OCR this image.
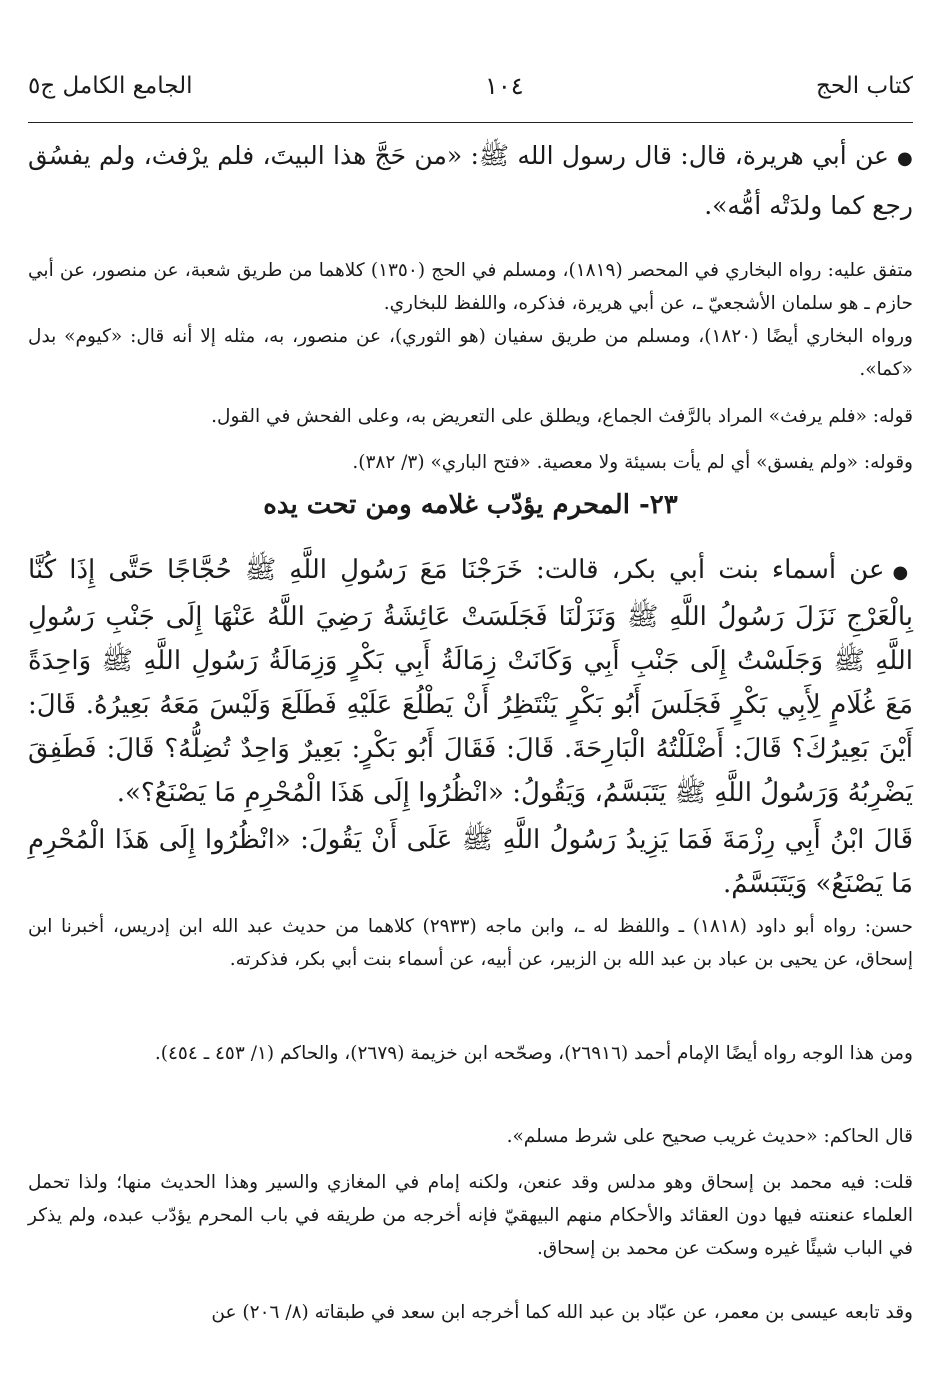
كتاب الحج
١٠٤
الجامع الكامل ج٥

●عن أبي هريرة، قال: قال رسول الله ﷺ: «من حَجَّ هذا البيتَ، فلم يرْفث، ولم يفسُق رجع كما ولدَتْه أمُّه».

متفق عليه: رواه البخاري في المحصر (١٨١٩)، ومسلم في الحج (١٣٥٠) كلاهما من طريق شعبة، عن منصور، عن أبي حازم ـ هو سلمان الأشجعيّ ـ، عن أبي هريرة، فذكره، واللفظ للبخاري.

ورواه البخاري أيضًا (١٨٢٠)، ومسلم من طريق سفيان (هو الثوري)، عن منصور، به، مثله إلا أنه قال: «كيوم» بدل «كما».

قوله: «فلم يرفث» المراد بالرَّفث الجماع، ويطلق على التعريض به، وعلى الفحش في القول.

وقوله: «ولم يفسق» أي لم يأت بسيئة ولا معصية. «فتح الباري» (٣/ ٣٨٢).

٢٣- المحرم يؤدّب غلامه ومن تحت يده

●عن أسماء بنت أبي بكر، قالت: خَرَجْنَا مَعَ رَسُولِ اللَّهِ ﷺ حُجَّاجًا حَتَّى إِذَا كُنَّا بِالْعَرْجِ نَزَلَ رَسُولُ اللَّهِ ﷺ وَنَزَلْنَا فَجَلَسَتْ عَائِشَةُ رَضِيَ اللَّهُ عَنْهَا إِلَى جَنْبِ رَسُولِ اللَّهِ ﷺ وَجَلَسْتُ إِلَى جَنْبِ أَبِي وَكَانَتْ زِمَالَةُ أَبِي بَكْرٍ وَزِمَالَةُ رَسُولِ اللَّهِ ﷺ وَاحِدَةً مَعَ غُلَامٍ لِأَبِي بَكْرٍ فَجَلَسَ أَبُو بَكْرٍ يَنْتَظِرُ أَنْ يَطْلُعَ عَلَيْهِ فَطَلَعَ وَلَيْسَ مَعَهُ بَعِيرُهُ. قَالَ: أَيْنَ بَعِيرُكَ؟ قَالَ: أَضْلَلْتُهُ الْبَارِحَةَ. قَالَ: فَقَالَ أَبُو بَكْرٍ: بَعِيرٌ وَاحِدٌ تُضِلُّهُ؟ قَالَ: فَطَفِقَ يَضْرِبُهُ وَرَسُولُ اللَّهِ ﷺ يَتَبَسَّمُ، وَيَقُولُ: «انْظُرُوا إِلَى هَذَا الْمُحْرِمِ مَا يَصْنَعُ؟».

قَالَ ابْنُ أَبِي رِزْمَةَ فَمَا يَزِيدُ رَسُولُ اللَّهِ ﷺ عَلَى أَنْ يَقُولَ: «انْظُرُوا إِلَى هَذَا الْمُحْرِمِ مَا يَصْنَعُ» وَيَتَبَسَّمُ.

حسن: رواه أبو داود (١٨١٨) ـ واللفظ له ـ، وابن ماجه (٢٩٣٣) كلاهما من حديث عبد الله ابن إدريس، أخبرنا ابن إسحاق، عن يحيى بن عباد بن عبد الله بن الزبير، عن أبيه، عن أسماء بنت أبي بكر، فذكرته.

ومن هذا الوجه رواه أيضًا الإمام أحمد (٢٦٩١٦)، وصحّحه ابن خزيمة (٢٦٧٩)، والحاكم (١/ ٤٥٣ ـ ٤٥٤).

قال الحاكم: «حديث غريب صحيح على شرط مسلم».

قلت: فيه محمد بن إسحاق وهو مدلس وقد عنعن، ولكنه إمام في المغازي والسير وهذا الحديث منها؛ ولذا تحمل العلماء عنعنته فيها دون العقائد والأحكام منهم البيهقيّ فإنه أخرجه من طريقه في باب المحرم يؤدّب عبده، ولم يذكر في الباب شيئًا غيره وسكت عن محمد بن إسحاق.

وقد تابعه عيسى بن معمر، عن عبّاد بن عبد الله كما أخرجه ابن سعد في طبقاته (٨/ ٢٠٦) عن
